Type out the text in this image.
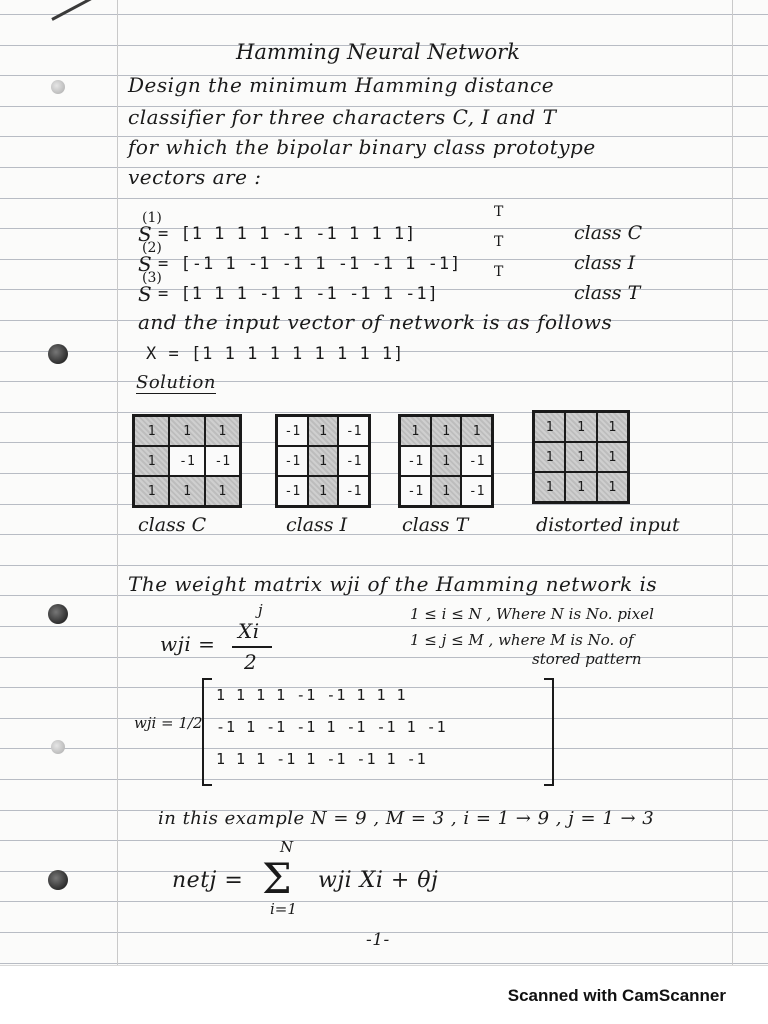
Hamming Neural Network
Design the minimum Hamming distance
classifier for three characters C, I and T
for which the bipolar binary class prototype
vectors are :
S
(1)
= [1 1 1 1 -1 -1 1 1 1]
T
class C
S
(2)
= [-1 1 -1 -1 1 -1 -1 1 -1]
T
class I
S
(3)
= [1 1 1 -1 1 -1 -1 1 -1]
T
class T
and the input vector of network is as follows
X = [1 1 1 1 1 1 1 1 1]
Solution
1	1	1
1	-1	-1
1	1	1
class C
-1	1	-1
-1	1	-1
-1	1	-1
class I
1	1	1
-1	1	-1
-1	1	-1
class T
1	1	1
1	1	1
1	1	1
distorted input
The weight matrix wji of the Hamming network is
wji =
j
Xi
2
1 ≤ i ≤ N , Where N is No. pixel
1 ≤ j ≤ M , where M is No. of
stored pattern
wji = 1/2
1 1 1 1 -1 -1 1 1 1
-1 1 -1 -1 1 -1 -1 1 -1
1 1 1 -1 1 -1 -1 1 -1
in this example N = 9 , M = 3 , i = 1 → 9 , j = 1 → 3
netj = Σ
N
i=1
wji Xi + θj
-1-
Scanned with CamScanner
